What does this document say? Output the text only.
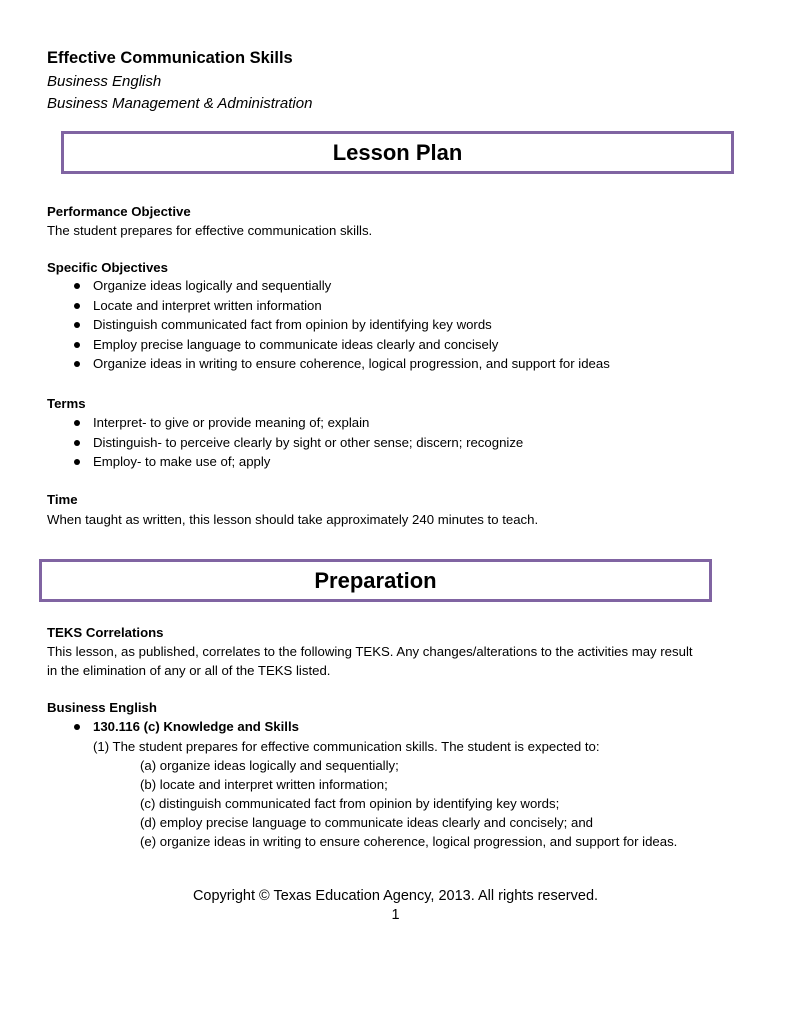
Effective Communication Skills
Business English
Business Management & Administration
Lesson Plan
Performance Objective
The student prepares for effective communication skills.
Specific Objectives
Organize ideas logically and sequentially
Locate and interpret written information
Distinguish communicated fact from opinion by identifying key words
Employ precise language to communicate ideas clearly and concisely
Organize ideas in writing to ensure coherence, logical progression, and support for ideas
Terms
Interpret- to give or provide meaning of; explain
Distinguish- to perceive clearly by sight or other sense; discern; recognize
Employ- to make use of; apply
Time
When taught as written, this lesson should take approximately 240 minutes to teach.
Preparation
TEKS Correlations
This lesson, as published, correlates to the following TEKS. Any changes/alterations to the activities may result
in the elimination of any or all of the TEKS listed.
Business English
130.116 (c) Knowledge and Skills
(1) The student prepares for effective communication skills. The student is expected to:
(a) organize ideas logically and sequentially;
(b) locate and interpret written information;
(c) distinguish communicated fact from opinion by identifying key words;
(d) employ precise language to communicate ideas clearly and concisely; and
(e) organize ideas in writing to ensure coherence, logical progression, and support for ideas.
Copyright © Texas Education Agency, 2013. All rights reserved.
1
